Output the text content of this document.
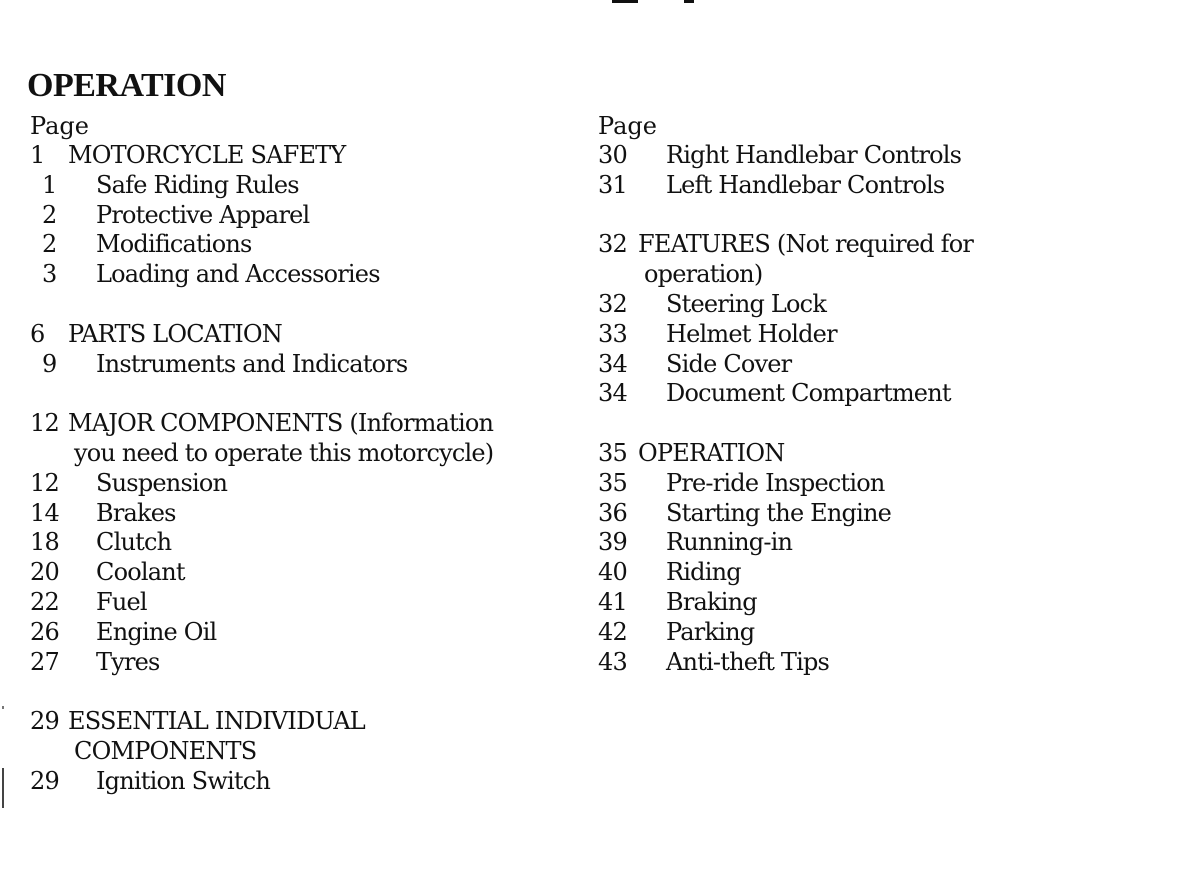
OPERATION
Page
1 MOTORCYCLE SAFETY
1 Safe Riding Rules
2 Protective Apparel
2 Modifications
3 Loading and Accessories
6 PARTS LOCATION
9 Instruments and Indicators
12 MAJOR COMPONENTS (Information
you need to operate this motorcycle)
12 Suspension
14 Brakes
18 Clutch
20 Coolant
22 Fuel
26 Engine Oil
27 Tyres
29 ESSENTIAL INDIVIDUAL
COMPONENTS
29 Ignition Switch
Page
30 Right Handlebar Controls
31 Left Handlebar Controls
32 FEATURES (Not required for
operation)
32 Steering Lock
33 Helmet Holder
34 Side Cover
34 Document Compartment
35 OPERATION
35 Pre-ride Inspection
36 Starting the Engine
39 Running-in
40 Riding
41 Braking
42 Parking
43 Anti-theft Tips
